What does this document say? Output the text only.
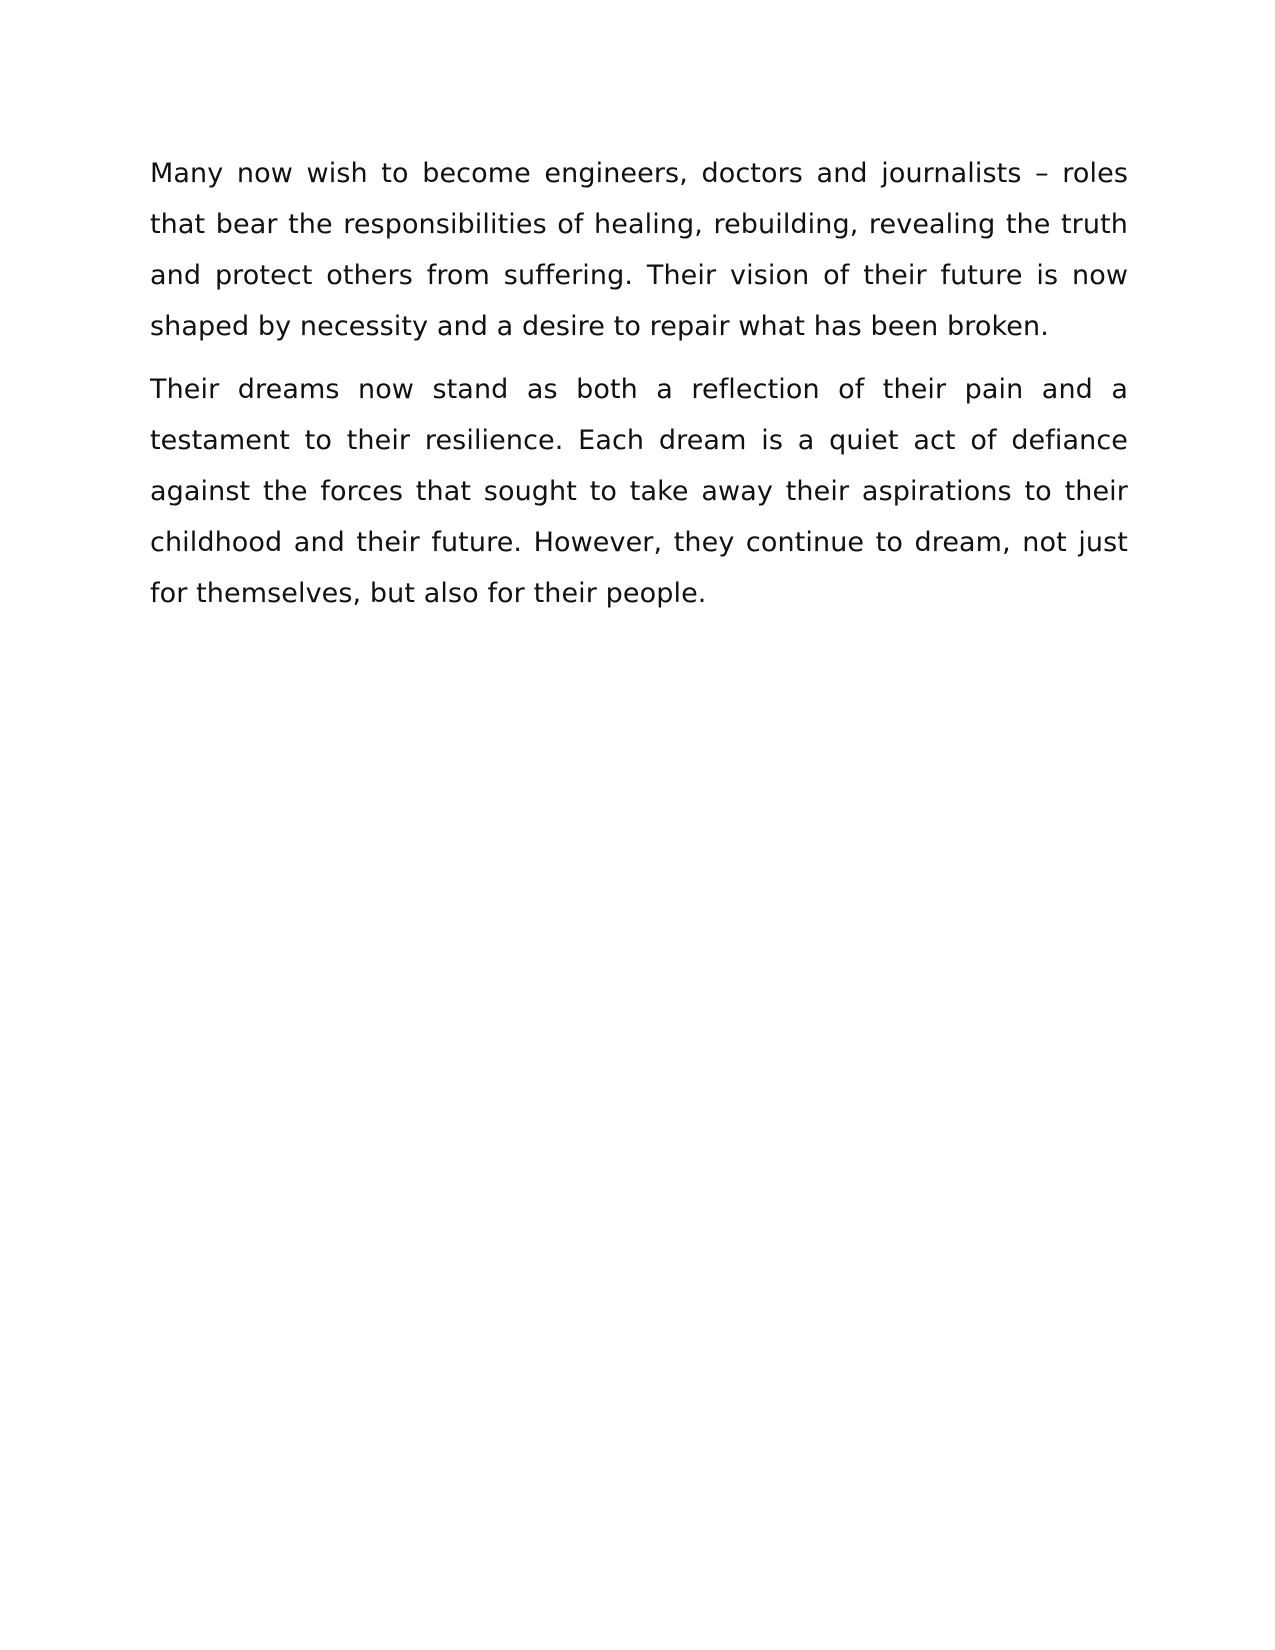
Many now wish to become engineers, doctors and journalists – roles that bear the responsibilities of healing, rebuilding, revealing the truth and protect others from suffering. Their vision of their future is now shaped by necessity and a desire to repair what has been broken.

Their dreams now stand as both a reflection of their pain and a testament to their resilience. Each dream is a quiet act of defiance against the forces that sought to take away their aspirations to their childhood and their future. However, they continue to dream, not just for themselves, but also for their people.
